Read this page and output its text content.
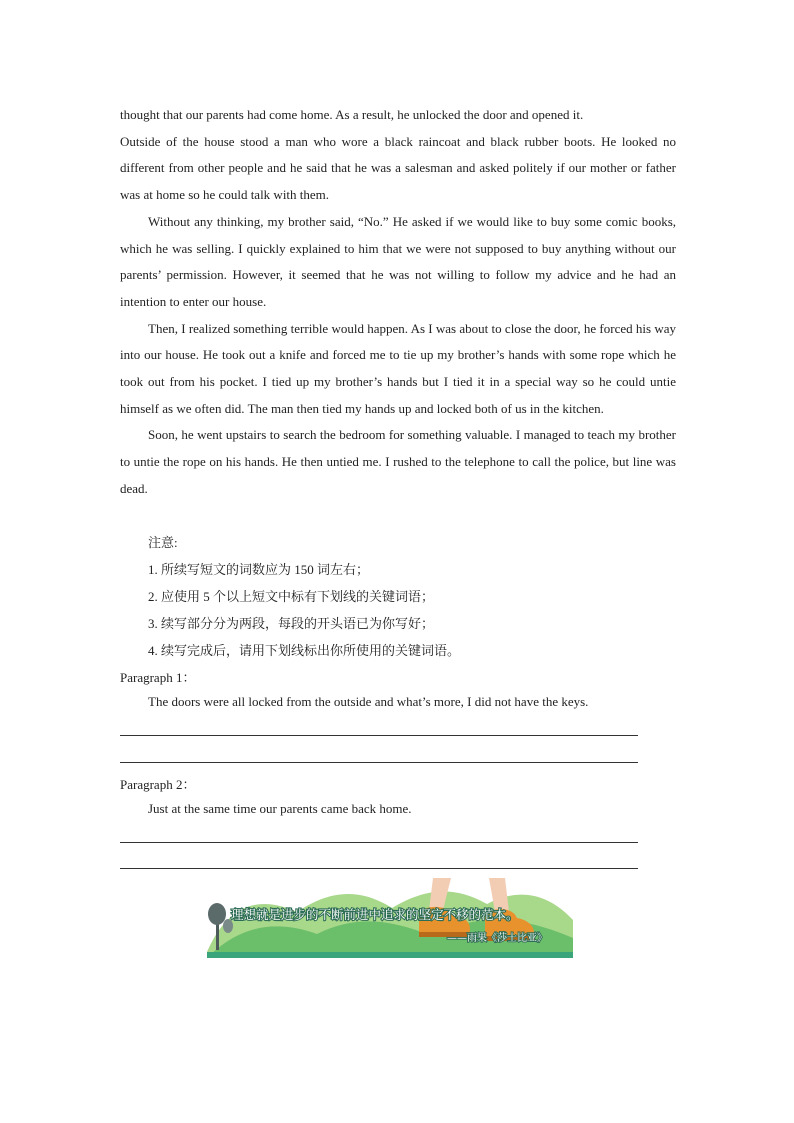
thought that our parents had come home. As a result, he unlocked the door and opened it.

Outside of the house stood a man who wore a black raincoat and black rubber boots. He looked no different from other people and he said that he was a salesman and asked politely if our mother or father was at home so he could talk with them.

Without any thinking, my brother said, “No.” He asked if we would like to buy some comic books, which he was selling. I quickly explained to him that we were not supposed to buy anything without our parents’ permission. However, it seemed that he was not willing to follow my advice and he had an intention to enter our house.

Then, I realized something terrible would happen. As I was about to close the door, he forced his way into our house. He took out a knife and forced me to tie up my brother’s hands with some rope which he took out from his pocket. I tied up my brother’s hands but I tied it in a special way so he could untie himself as we often did. The man then tied my hands up and locked both of us in the kitchen.

Soon, he went upstairs to search the bedroom for something valuable. I managed to teach my brother to untie the rope on his hands. He then untied me. I rushed to the telephone to call the police, but line was dead.

注意:
1. 所续写短文的词数应为 150 词左右；
2. 应使用 5 个以上短文中标有下划线的关键词语；
3. 续写部分分为两段，每段的开头语已为你写好；
4. 续写完成后，请用下划线标出你所使用的关键词语。
Paragraph 1：
The doors were all locked from the outside and what’s more, I did not have the keys.
Paragraph 2：
Just at the same time our parents came back home.
理想就是进步的不断前进中追求的坚定不移的范本。
——雨果《莎士比亚》
